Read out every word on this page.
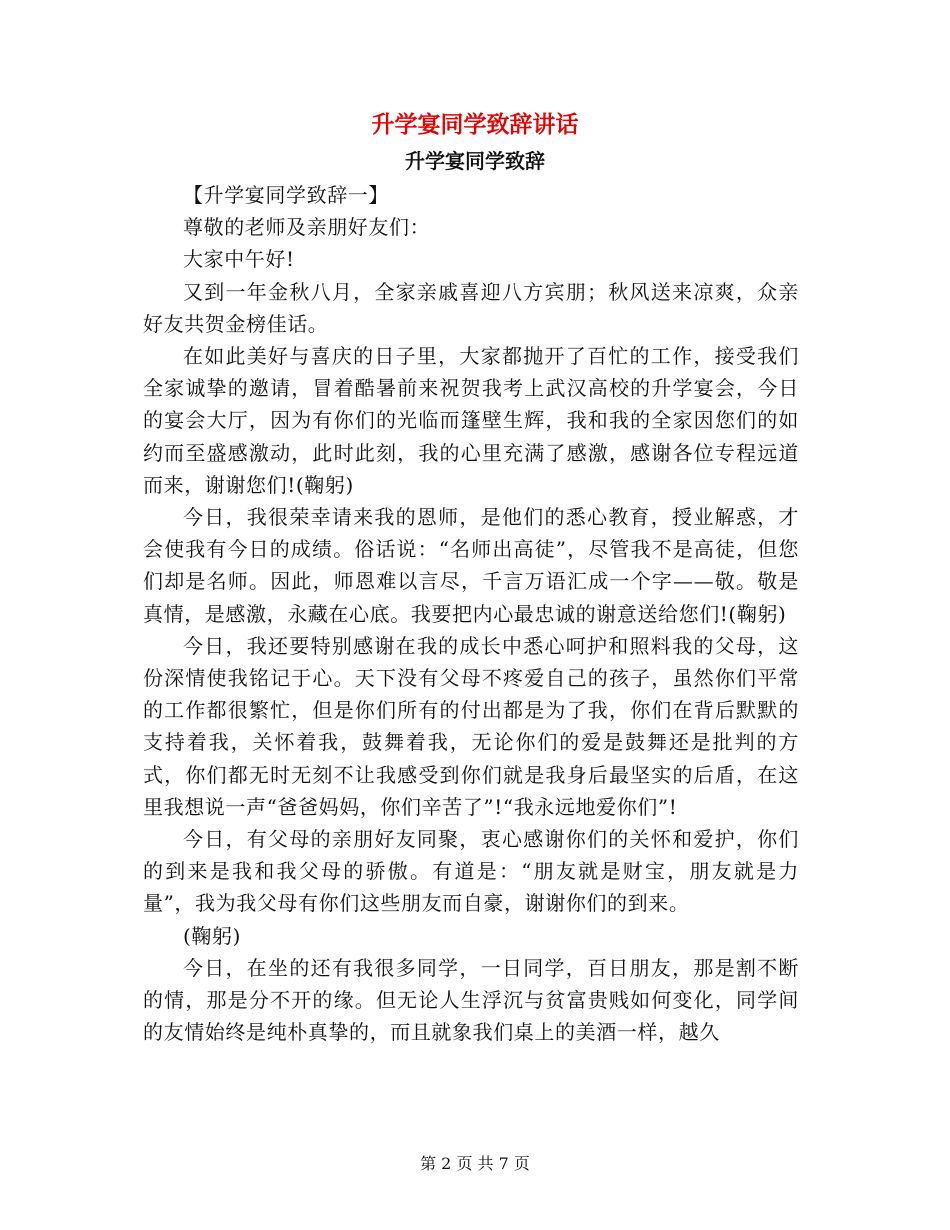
升学宴同学致辞讲话
升学宴同学致辞

【升学宴同学致辞一】

尊敬的老师及亲朋好友们：

大家中午好!

又到一年金秋八月，全家亲戚喜迎八方宾朋；秋风送来凉爽，众亲好友共贺金榜佳话。

在如此美好与喜庆的日子里，大家都抛开了百忙的工作，接受我们全家诚挚的邀请，冒着酷暑前来祝贺我考上武汉高校的升学宴会，今日的宴会大厅，因为有你们的光临而篷壁生辉，我和我的全家因您们的如约而至盛感激动，此时此刻，我的心里充满了感激，感谢各位专程远道而来，谢谢您们!(鞠躬)

今日，我很荣幸请来我的恩师，是他们的悉心教育，授业解惑，才会使我有今日的成绩。俗话说：“名师出高徒”，尽管我不是高徒，但您们却是名师。因此，师恩难以言尽，千言万语汇成一个字——敬。敬是真情，是感激，永藏在心底。我要把内心最忠诚的谢意送给您们!(鞠躬)

今日，我还要特别感谢在我的成长中悉心呵护和照料我的父母，这份深情使我铭记于心。天下没有父母不疼爱自己的孩子，虽然你们平常的工作都很繁忙，但是你们所有的付出都是为了我，你们在背后默默的支持着我，关怀着我，鼓舞着我，无论你们的爱是鼓舞还是批判的方式，你们都无时无刻不让我感受到你们就是我身后最坚实的后盾，在这里我想说一声“爸爸妈妈，你们辛苦了”!“我永远地爱你们”!

今日，有父母的亲朋好友同聚，衷心感谢你们的关怀和爱护，你们的到来是我和我父母的骄傲。有道是：“朋友就是财宝，朋友就是力量”，我为我父母有你们这些朋友而自豪，谢谢你们的到来。

(鞠躬)

今日，在坐的还有我很多同学，一日同学，百日朋友，那是割不断的情，那是分不开的缘。但无论人生浮沉与贫富贵贱如何变化，同学间的友情始终是纯朴真挚的，而且就象我们桌上的美酒一样，越久

第 2 页 共 7 页
